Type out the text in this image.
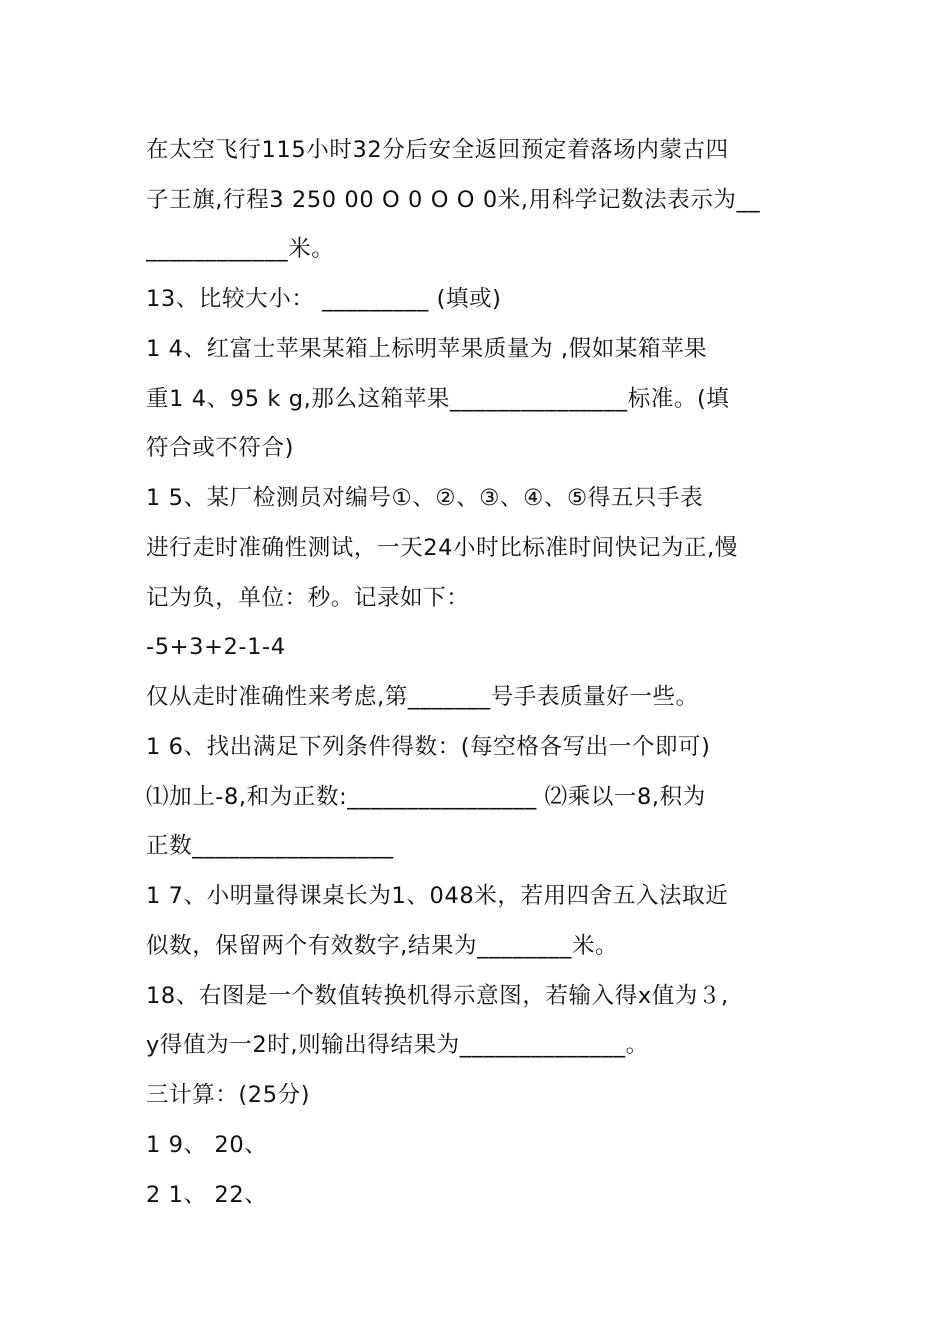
在太空飞行115小时32分后安全返回预定着落场内蒙古四
子王旗,行程3 250 00 O 0 O O 0米,用科学记数法表示为__
____________米。
13、比较大小： _________ (填或)
1 4、红富士苹果某箱上标明苹果质量为 ,假如某箱苹果
重1 4、95 k g,那么这箱苹果_______________标准。(填
符合或不符合)
1 5、某厂检测员对编号①、②、③、④、⑤得五只手表
进行走时准确性测试，一天24小时比标准时间快记为正,慢
记为负，单位：秒。记录如下：
-5+3+2-1-4
仅从走时准确性来考虑,第_______号手表质量好一些。
1 6、找出满足下列条件得数：(每空格各写出一个即可)
⑴加上-8,和为正数:________________ ⑵乘以一8,积为
正数_________________
1 7、小明量得课桌长为1、048米，若用四舍五入法取近
似数，保留两个有效数字,结果为________米。
18、右图是一个数值转换机得示意图，若输入得x值为３,
y得值为一2时,则输出得结果为______________。
三计算：(25分)
1 9、 20、
2 1、 22、
